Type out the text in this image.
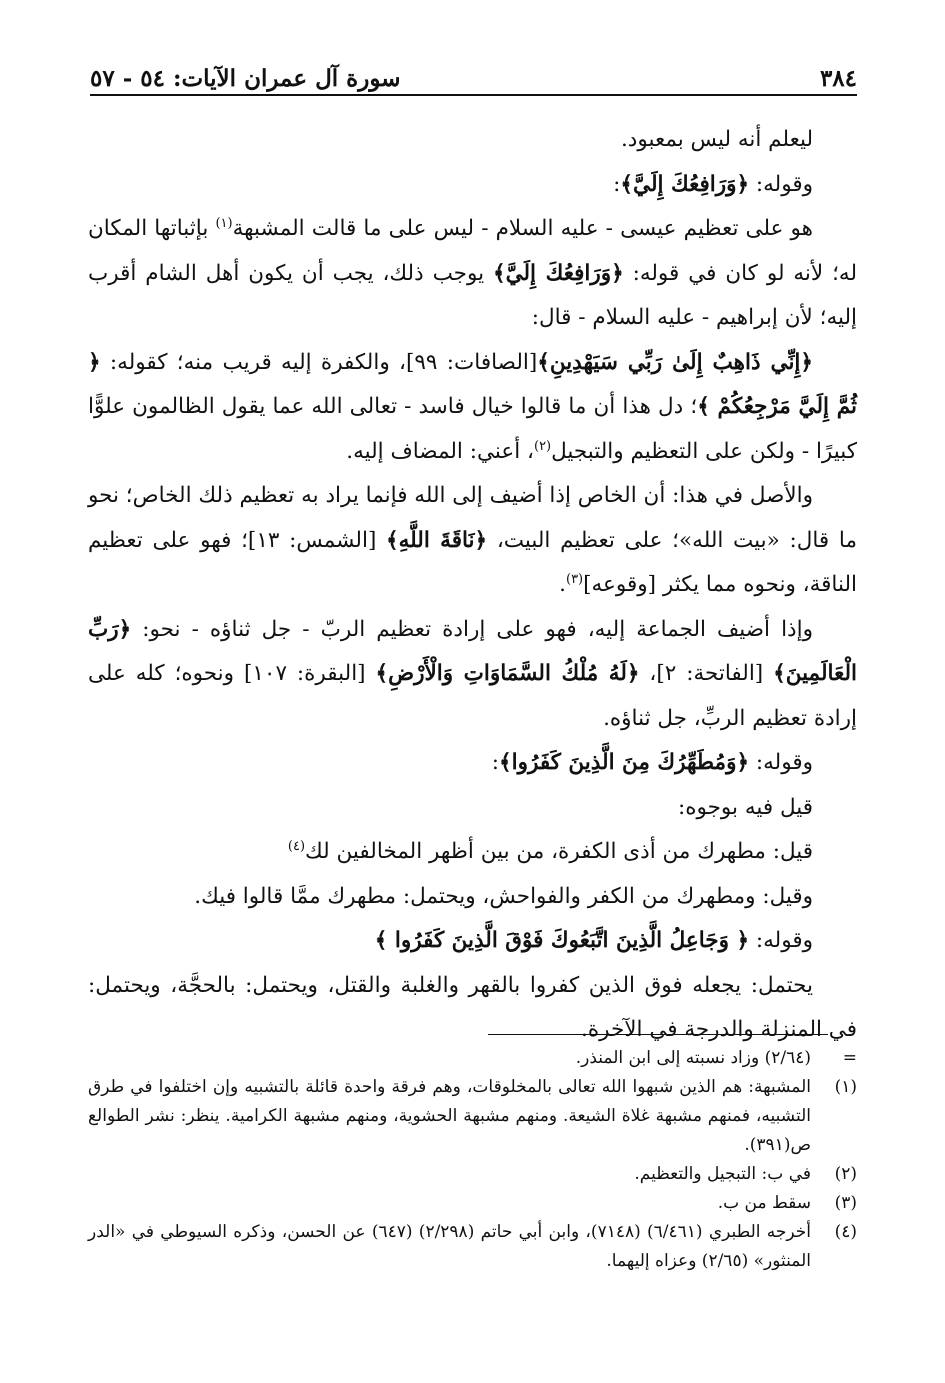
٣٨٤
سورة آل عمران الآيات: ٥٤ - ٥٧

ليعلم أنه ليس بمعبود.

وقوله: ﴿وَرَافِعُكَ إِلَيَّ﴾:

هو على تعظيم عيسى - عليه السلام - ليس على ما قالت المشبهة$^{(١)}$ بإثباتها المكان له؛ لأنه لو كان في قوله: ﴿وَرَافِعُكَ إِلَيَّ﴾ يوجب ذلك، يجب أن يكون أهل الشام أقرب إليه؛ لأن إبراهيم - عليه السلام - قال:

﴿إِنِّي ذَاهِبٌ إِلَىٰ رَبِّي سَيَهْدِينِ﴾[الصافات: ٩٩]، والكفرة إليه قريب منه؛ كقوله: ﴿ ثُمَّ إِلَيَّ مَرْجِعُكُمْ ﴾؛ دل هذا أن ما قالوا خيال فاسد - تعالى الله عما يقول الظالمون علوًّا كبيرًا - ولكن على التعظيم والتبجيل$^{(٢)}$، أعني: المضاف إليه.

والأصل في هذا: أن الخاص إذا أضيف إلى الله فإنما يراد به تعظيم ذلك الخاص؛ نحو ما قال: «بيت الله»؛ على تعظيم البيت، ﴿نَاقَةَ اللَّهِ﴾ [الشمس: ١٣]؛ فهو على تعظيم الناقة، ونحوه مما يكثر [وقوعه]$^{(٣)}$.

وإذا أضيف الجماعة إليه، فهو على إرادة تعظيم الربّ - جل ثناؤه - نحو: ﴿رَبِّ الْعَالَمِينَ﴾ [الفاتحة: ٢]، ﴿لَهُ مُلْكُ السَّمَاوَاتِ وَالْأَرْضِ﴾ [البقرة: ١٠٧] ونحوه؛ كله على إرادة تعظيم الربِّ، جل ثناؤه.

وقوله: ﴿وَمُطَهِّرُكَ مِنَ الَّذِينَ كَفَرُوا﴾:

قيل فيه بوجوه:

قيل: مطهرك من أذى الكفرة، من بين أظهر المخالفين لك$^{(٤)}$

وقيل: ومطهرك من الكفر والفواحش، ويحتمل: مطهرك ممَّا قالوا فيك.

وقوله: ﴿ وَجَاعِلُ الَّذِينَ اتَّبَعُوكَ فَوْقَ الَّذِينَ كَفَرُوا ﴾

يحتمل: يجعله فوق الذين كفروا بالقهر والغلبة والقتل، ويحتمل: بالحجَّة، ويحتمل: في المنزلة والدرجة في الآخرة.

=
(٢/٦٤) وزاد نسبته إلى ابن المنذر.
(١)
المشبهة: هم الذين شبهوا الله تعالى بالمخلوقات، وهم فرقة واحدة قائلة بالتشبيه وإن اختلفوا في طرق التشبيه، فمنهم مشبهة غلاة الشيعة. ومنهم مشبهة الحشوية، ومنهم مشبهة الكرامية. ينظر: نشر الطوالع ص(٣٩١).
(٢)
في ب: التبجيل والتعظيم.
(٣)
سقط من ب.
(٤)
أخرجه الطبري (٦/٤٦١) (٧١٤٨)، وابن أبي حاتم (٢/٢٩٨) (٦٤٧) عن الحسن، وذكره السيوطي في «الدر المنثور» (٢/٦٥) وعزاه إليهما.
